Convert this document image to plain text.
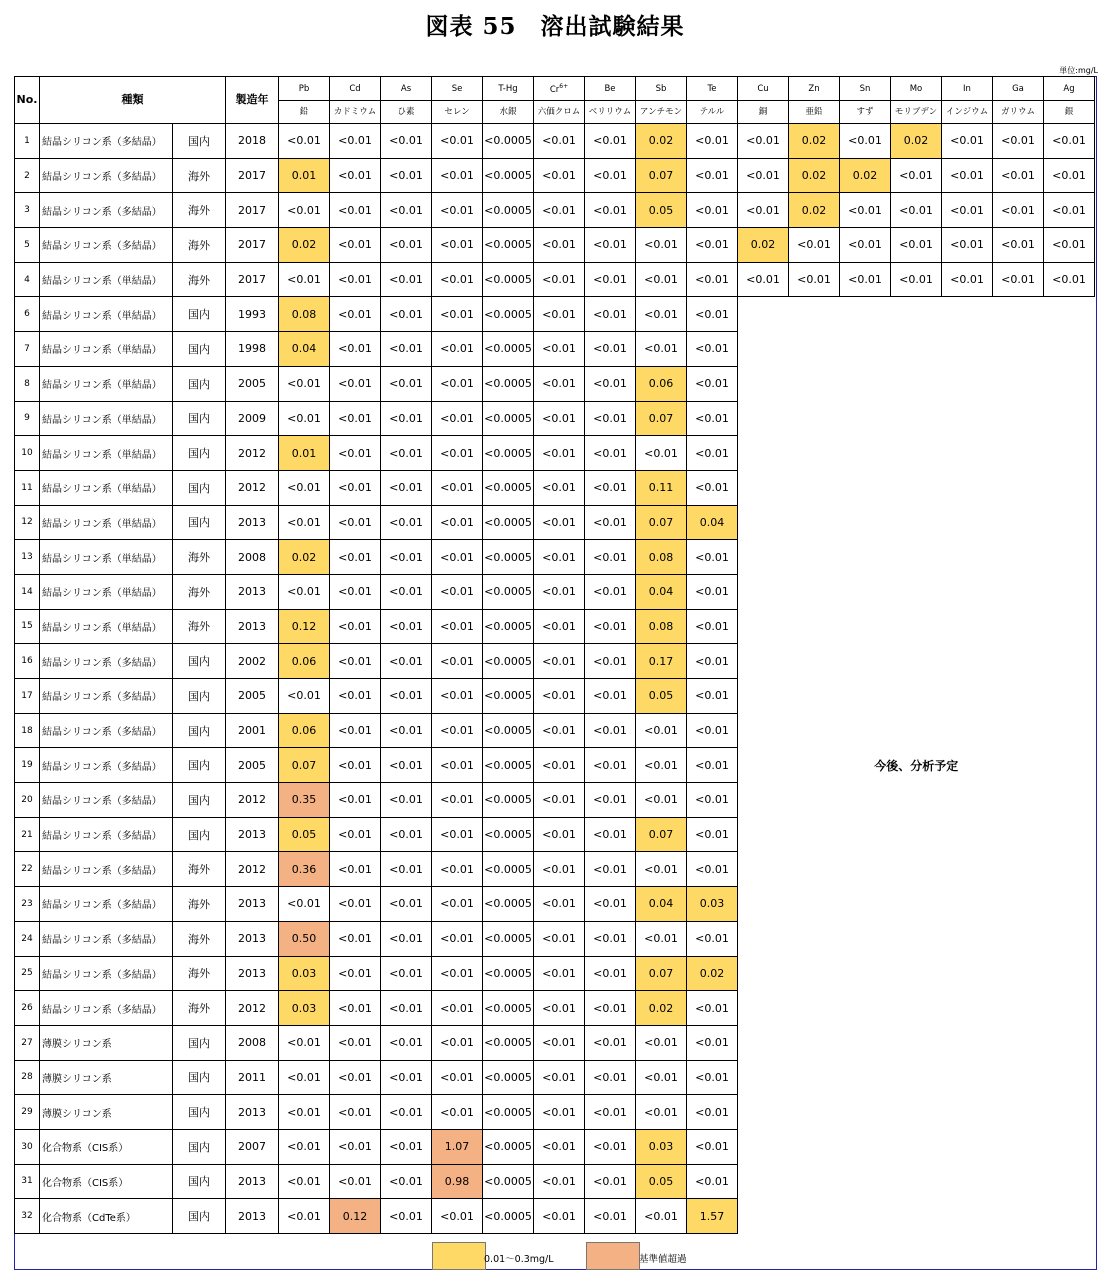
図表 55　溶出試験結果
単位:mg/L
No.	種類		製造年	Pb	Cd	As	Se	T-Hg	$Cr^{6+}$	Be	Sb	Te	Cu	Zn	Sn	Mo	In	Ga	Ag
				鉛	カドミウム	ひ素	セレン	水銀	六価クロム	ベリリウム	アンチモン	テルル	銅	亜鉛	すず	モリブデン	インジウム	ガリウム	銀
1	結晶シリコン系（多結晶）	国内	2018	<0.01	<0.01	<0.01	<0.01	<0.0005	<0.01	<0.01	0.02	<0.01	<0.01	0.02	<0.01	0.02	<0.01	<0.01	<0.01
2	結晶シリコン系（多結晶）	海外	2017	0.01	<0.01	<0.01	<0.01	<0.0005	<0.01	<0.01	0.07	<0.01	<0.01	0.02	0.02	<0.01	<0.01	<0.01	<0.01
3	結晶シリコン系（多結晶）	海外	2017	<0.01	<0.01	<0.01	<0.01	<0.0005	<0.01	<0.01	0.05	<0.01	<0.01	0.02	<0.01	<0.01	<0.01	<0.01	<0.01
5	結晶シリコン系（多結晶）	海外	2017	0.02	<0.01	<0.01	<0.01	<0.0005	<0.01	<0.01	<0.01	<0.01	0.02	<0.01	<0.01	<0.01	<0.01	<0.01	<0.01
4	結晶シリコン系（単結晶）	海外	2017	<0.01	<0.01	<0.01	<0.01	<0.0005	<0.01	<0.01	<0.01	<0.01	<0.01	<0.01	<0.01	<0.01	<0.01	<0.01	<0.01
6	結晶シリコン系（単結晶）	国内	1993	0.08	<0.01	<0.01	<0.01	<0.0005	<0.01	<0.01	<0.01	<0.01	今後、分析予定						
7	結晶シリコン系（単結晶）	国内	1998	0.04	<0.01	<0.01	<0.01	<0.0005	<0.01	<0.01	<0.01	<0.01							
8	結晶シリコン系（単結晶）	国内	2005	<0.01	<0.01	<0.01	<0.01	<0.0005	<0.01	<0.01	0.06	<0.01							
9	結晶シリコン系（単結晶）	国内	2009	<0.01	<0.01	<0.01	<0.01	<0.0005	<0.01	<0.01	0.07	<0.01							
10	結晶シリコン系（単結晶）	国内	2012	0.01	<0.01	<0.01	<0.01	<0.0005	<0.01	<0.01	<0.01	<0.01							
11	結晶シリコン系（単結晶）	国内	2012	<0.01	<0.01	<0.01	<0.01	<0.0005	<0.01	<0.01	0.11	<0.01							
12	結晶シリコン系（単結晶）	国内	2013	<0.01	<0.01	<0.01	<0.01	<0.0005	<0.01	<0.01	0.07	0.04							
13	結晶シリコン系（単結晶）	海外	2008	0.02	<0.01	<0.01	<0.01	<0.0005	<0.01	<0.01	0.08	<0.01							
14	結晶シリコン系（単結晶）	海外	2013	<0.01	<0.01	<0.01	<0.01	<0.0005	<0.01	<0.01	0.04	<0.01							
15	結晶シリコン系（単結晶）	海外	2013	0.12	<0.01	<0.01	<0.01	<0.0005	<0.01	<0.01	0.08	<0.01							
16	結晶シリコン系（多結晶）	国内	2002	0.06	<0.01	<0.01	<0.01	<0.0005	<0.01	<0.01	0.17	<0.01							
17	結晶シリコン系（多結晶）	国内	2005	<0.01	<0.01	<0.01	<0.01	<0.0005	<0.01	<0.01	0.05	<0.01							
18	結晶シリコン系（多結晶）	国内	2001	0.06	<0.01	<0.01	<0.01	<0.0005	<0.01	<0.01	<0.01	<0.01							
19	結晶シリコン系（多結晶）	国内	2005	0.07	<0.01	<0.01	<0.01	<0.0005	<0.01	<0.01	<0.01	<0.01							
20	結晶シリコン系（多結晶）	国内	2012	0.35	<0.01	<0.01	<0.01	<0.0005	<0.01	<0.01	<0.01	<0.01							
21	結晶シリコン系（多結晶）	国内	2013	0.05	<0.01	<0.01	<0.01	<0.0005	<0.01	<0.01	0.07	<0.01							
22	結晶シリコン系（多結晶）	海外	2012	0.36	<0.01	<0.01	<0.01	<0.0005	<0.01	<0.01	<0.01	<0.01							
23	結晶シリコン系（多結晶）	海外	2013	<0.01	<0.01	<0.01	<0.01	<0.0005	<0.01	<0.01	0.04	0.03							
24	結晶シリコン系（多結晶）	海外	2013	0.50	<0.01	<0.01	<0.01	<0.0005	<0.01	<0.01	<0.01	<0.01							
25	結晶シリコン系（多結晶）	海外	2013	0.03	<0.01	<0.01	<0.01	<0.0005	<0.01	<0.01	0.07	0.02							
26	結晶シリコン系（多結晶）	海外	2012	0.03	<0.01	<0.01	<0.01	<0.0005	<0.01	<0.01	0.02	<0.01							
27	薄膜シリコン系	国内	2008	<0.01	<0.01	<0.01	<0.01	<0.0005	<0.01	<0.01	<0.01	<0.01							
28	薄膜シリコン系	国内	2011	<0.01	<0.01	<0.01	<0.01	<0.0005	<0.01	<0.01	<0.01	<0.01							
29	薄膜シリコン系	国内	2013	<0.01	<0.01	<0.01	<0.01	<0.0005	<0.01	<0.01	<0.01	<0.01							
30	化合物系（CIS系）	国内	2007	<0.01	<0.01	<0.01	1.07	<0.0005	<0.01	<0.01	0.03	<0.01							
31	化合物系（CIS系）	国内	2013	<0.01	<0.01	<0.01	0.98	<0.0005	<0.01	<0.01	0.05	<0.01							
32	化合物系（CdTe系）	国内	2013	<0.01	0.12	<0.01	<0.01	<0.0005	<0.01	<0.01	<0.01	1.57							
0.01～0.3mg/L	基準値超過
